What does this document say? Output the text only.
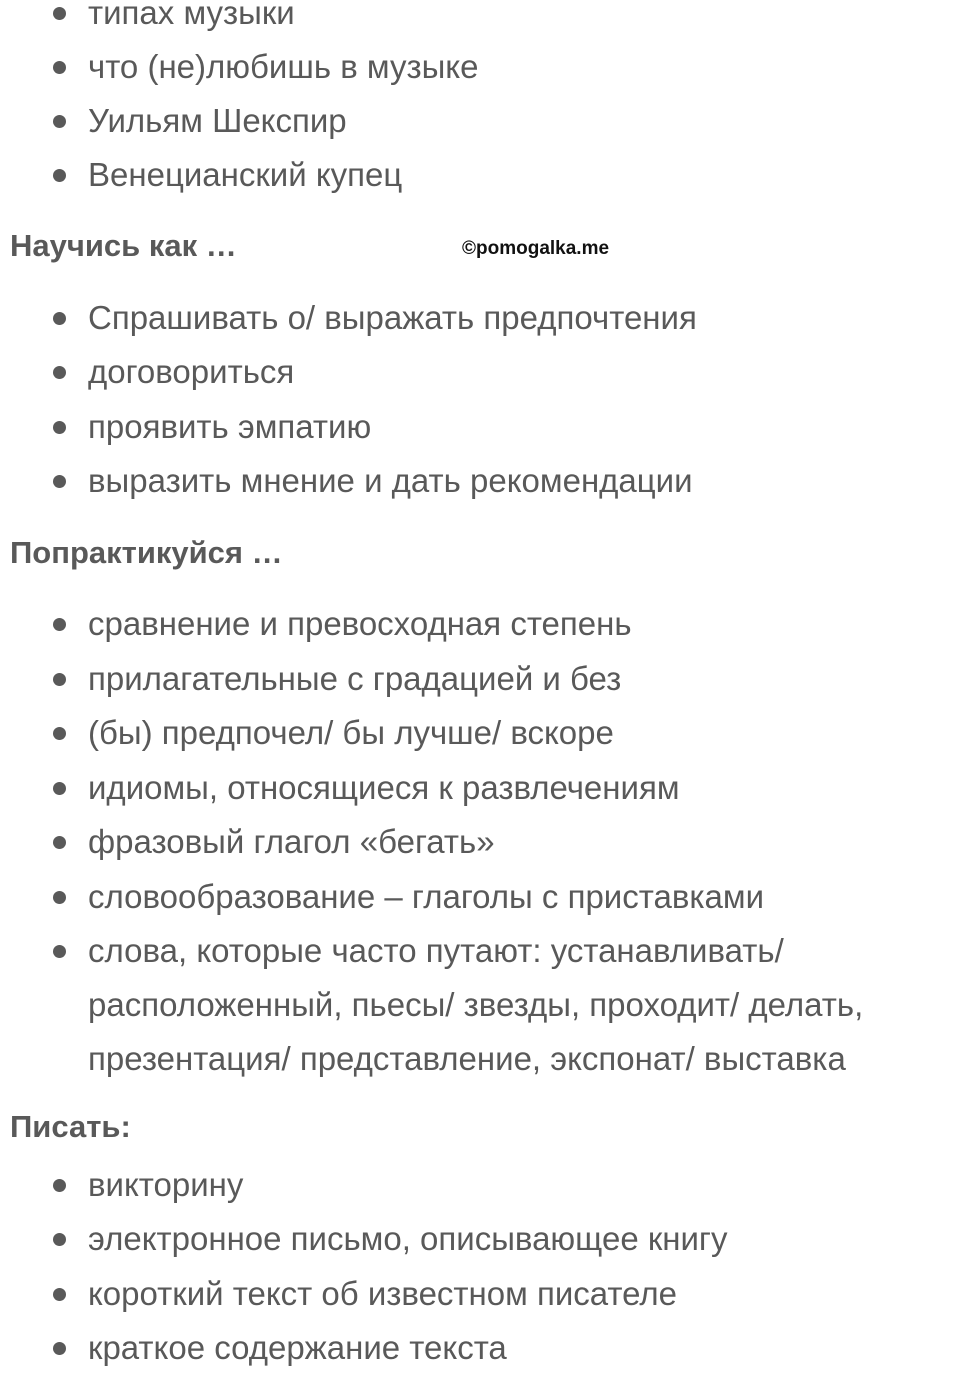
типах музыки
что (не)любишь в музыке
Уильям Шекспир
Венецианский купец
Научись как …	©pomogalka.me
Спрашивать о/ выражать предпочтения
договориться
проявить эмпатию
выразить мнение и дать рекомендации
Попрактикуйся …
сравнение и превосходная степень
прилагательные с градацией и без
(бы) предпочел/ бы лучше/ вскоре
идиомы, относящиеся к развлечениям
фразовый глагол «бегать»
словообразование – глаголы с приставками
слова, которые часто путают: устанавливать/
расположенный, пьесы/ звезды, проходит/ делать,
презентация/ представление, экспонат/ выставка
Писать:
викторину
электронное письмо, описывающее книгу
короткий текст об известном писателе
краткое содержание текста
